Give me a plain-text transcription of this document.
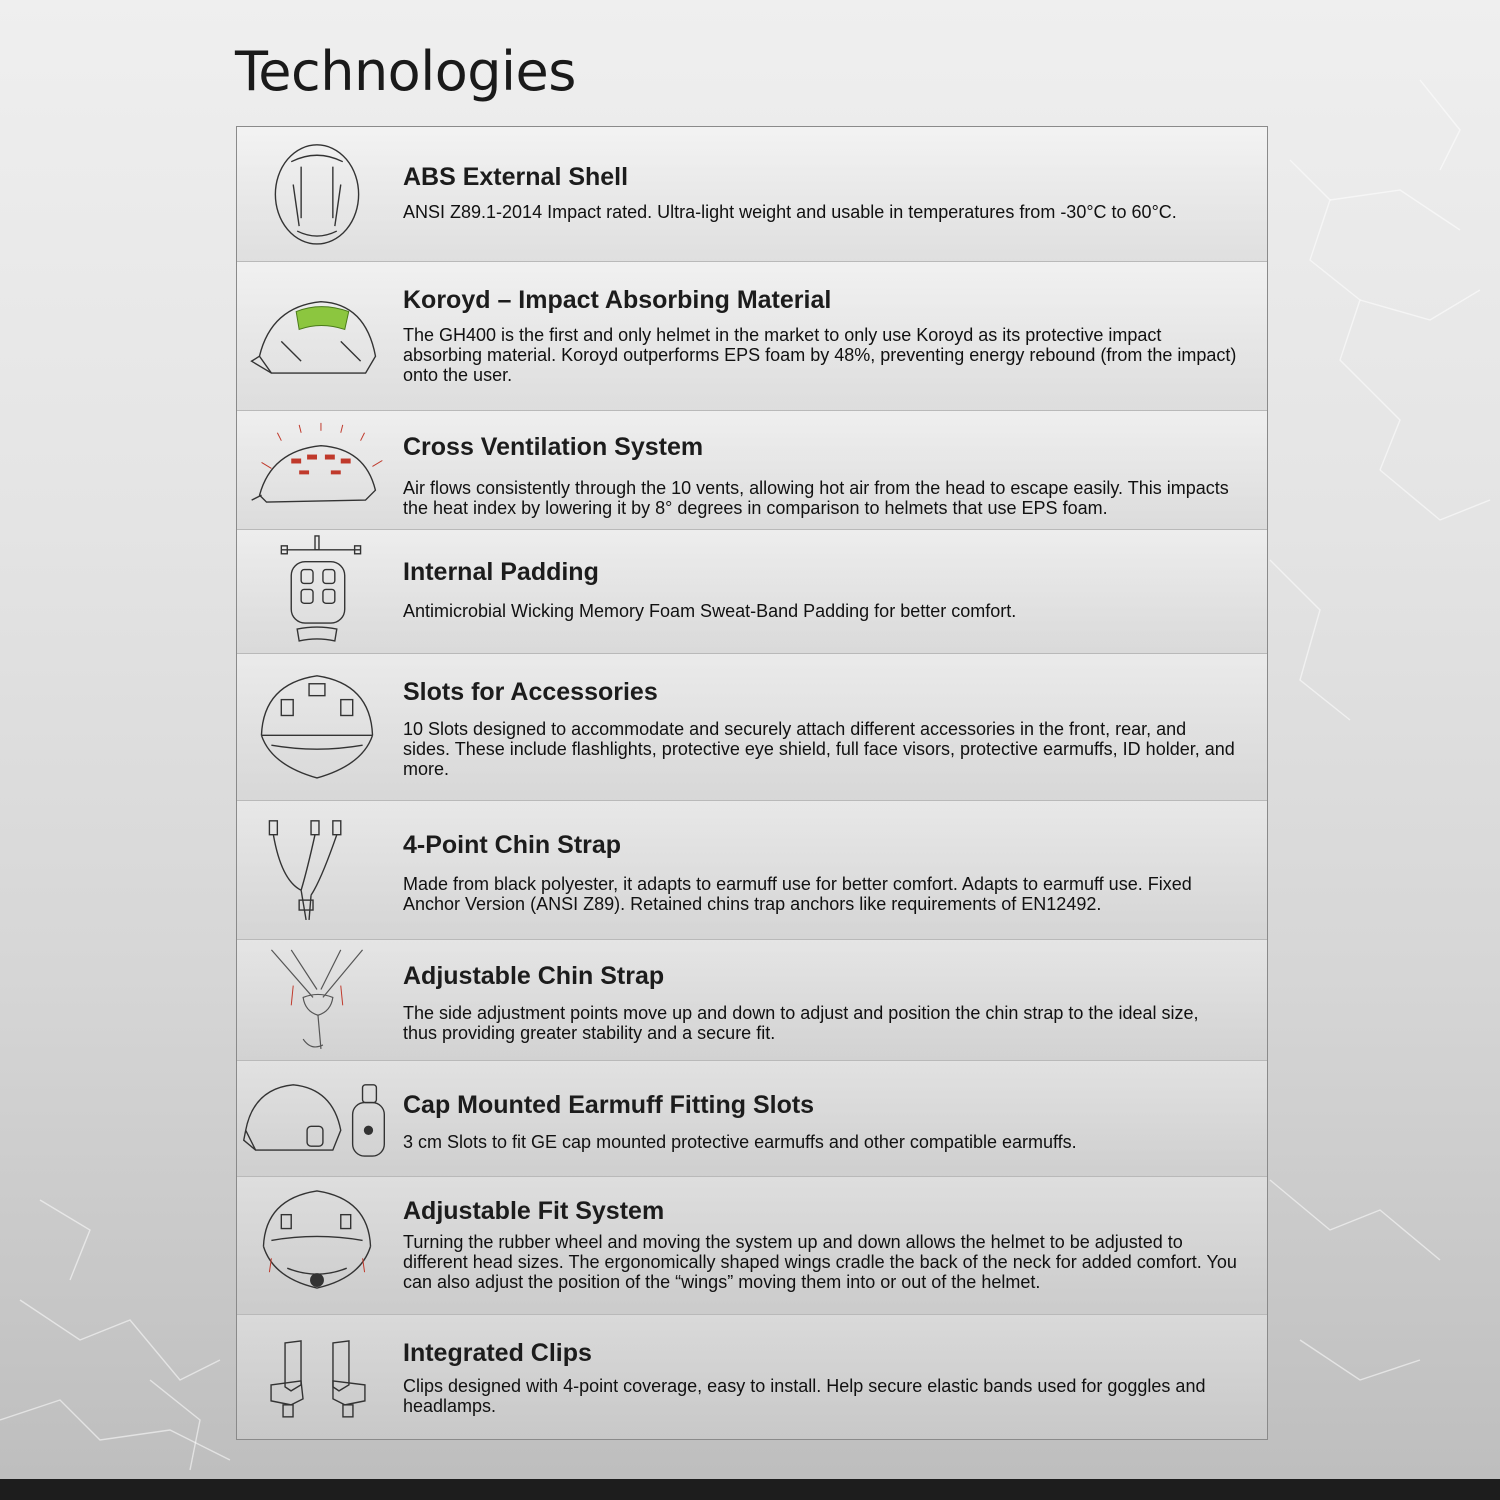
Technologies
ABS External Shell

ANSI Z89.1-2014 Impact rated. Ultra-light weight and usable in temperatures from -30°C to 60°C.

Koroyd – Impact Absorbing Material

The GH400 is the first and only helmet in the market to only use Koroyd as its protective impact absorbing material. Koroyd outperforms EPS foam by 48%, preventing energy rebound (from the impact) onto the user.

Cross Ventilation System

Air flows consistently through the 10 vents, allowing hot air from the head to escape easily. This impacts the heat index by lowering it by 8° degrees in comparison to helmets that use EPS foam.

Internal Padding

Antimicrobial Wicking Memory Foam Sweat-Band Padding for better comfort.

Slots for Accessories

10 Slots designed to accommodate and securely attach different accessories in the front, rear, and sides. These include flashlights, protective eye shield, full face visors, protective earmuffs, ID holder, and more.

4-Point Chin Strap

Made from black polyester, it adapts to earmuff use for better comfort. Adapts to earmuff use. Fixed Anchor Version (ANSI Z89). Retained chins trap anchors like requirements of EN12492.

Adjustable Chin Strap

The side adjustment points move up and down to adjust and position the chin strap to the ideal size, thus providing greater stability and a secure fit.

Cap Mounted Earmuff Fitting Slots

3 cm Slots to fit GE cap mounted protective earmuffs and other compatible earmuffs.

Adjustable Fit System

Turning the rubber wheel and moving the system up and down allows the helmet to be adjusted to different head sizes. The ergonomically shaped wings cradle the back of the neck for added comfort. You can also adjust the position of the “wings” moving them into or out of the helmet.

Integrated Clips

Clips designed with 4-point coverage, easy to install. Help secure elastic bands used for goggles and headlamps.
